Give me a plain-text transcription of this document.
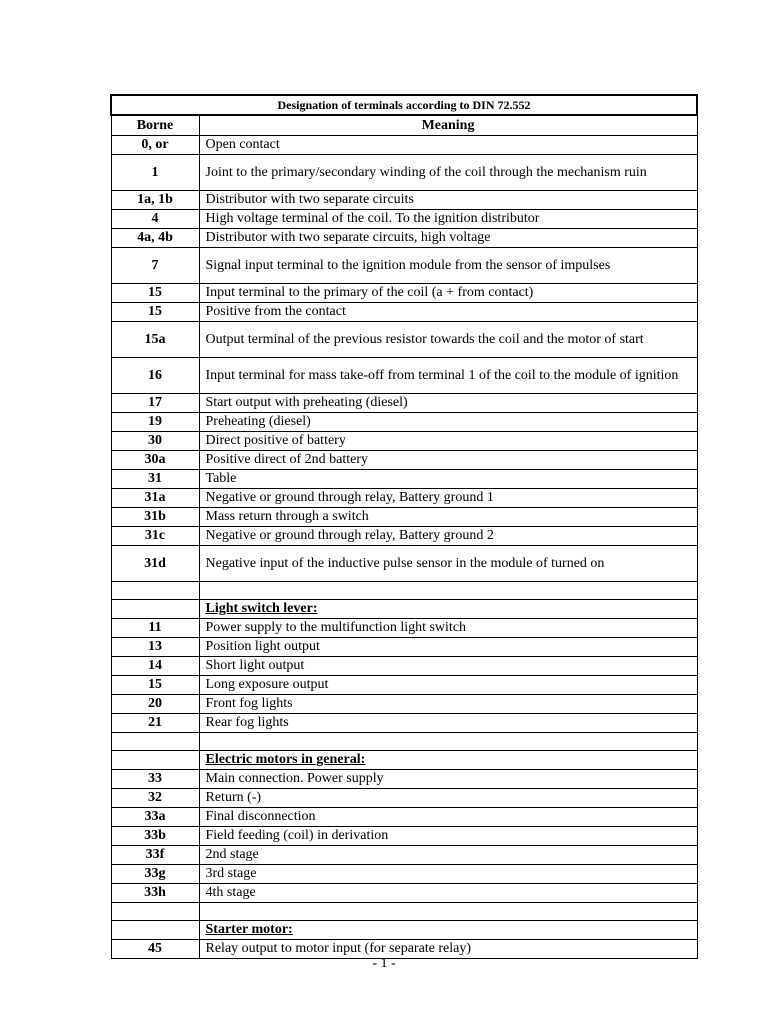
Designation of terminals according to DIN 72.552	
Borne	Meaning
0, or	Open contact
1	Joint to the primary/secondary winding of the coil through the mechanism ruin
1a, 1b	Distributor with two separate circuits
4	High voltage terminal of the coil. To the ignition distributor
4a, 4b	Distributor with two separate circuits, high voltage
7	Signal input terminal to the ignition module from the sensor of impulses
15	Input terminal to the primary of the coil (a + from contact)
15	Positive from the contact
15a	Output terminal of the previous resistor towards the coil and the motor of start
16	Input terminal for mass take-off from terminal 1 of the coil to the module of ignition
17	Start output with preheating (diesel)
19	Preheating (diesel)
30	Direct positive of battery
30a	Positive direct of 2nd battery
31	Table
31a	Negative or ground through relay, Battery ground 1
31b	Mass return through a switch
31c	Negative or ground through relay, Battery ground 2
31d	Negative input of the inductive pulse sensor in the module of turned on

	Light switch lever:
11	Power supply to the multifunction light switch
13	Position light output
14	Short light output
15	Long exposure output
20	Front fog lights
21	Rear fog lights

	Electric motors in general:
33	Main connection. Power supply
32	Return (-)
33a	Final disconnection
33b	Field feeding (coil) in derivation
33f	2nd stage
33g	3rd stage
33h	4th stage

	Starter motor:
45	Relay output to motor input (for separate relay)
- 1 -
